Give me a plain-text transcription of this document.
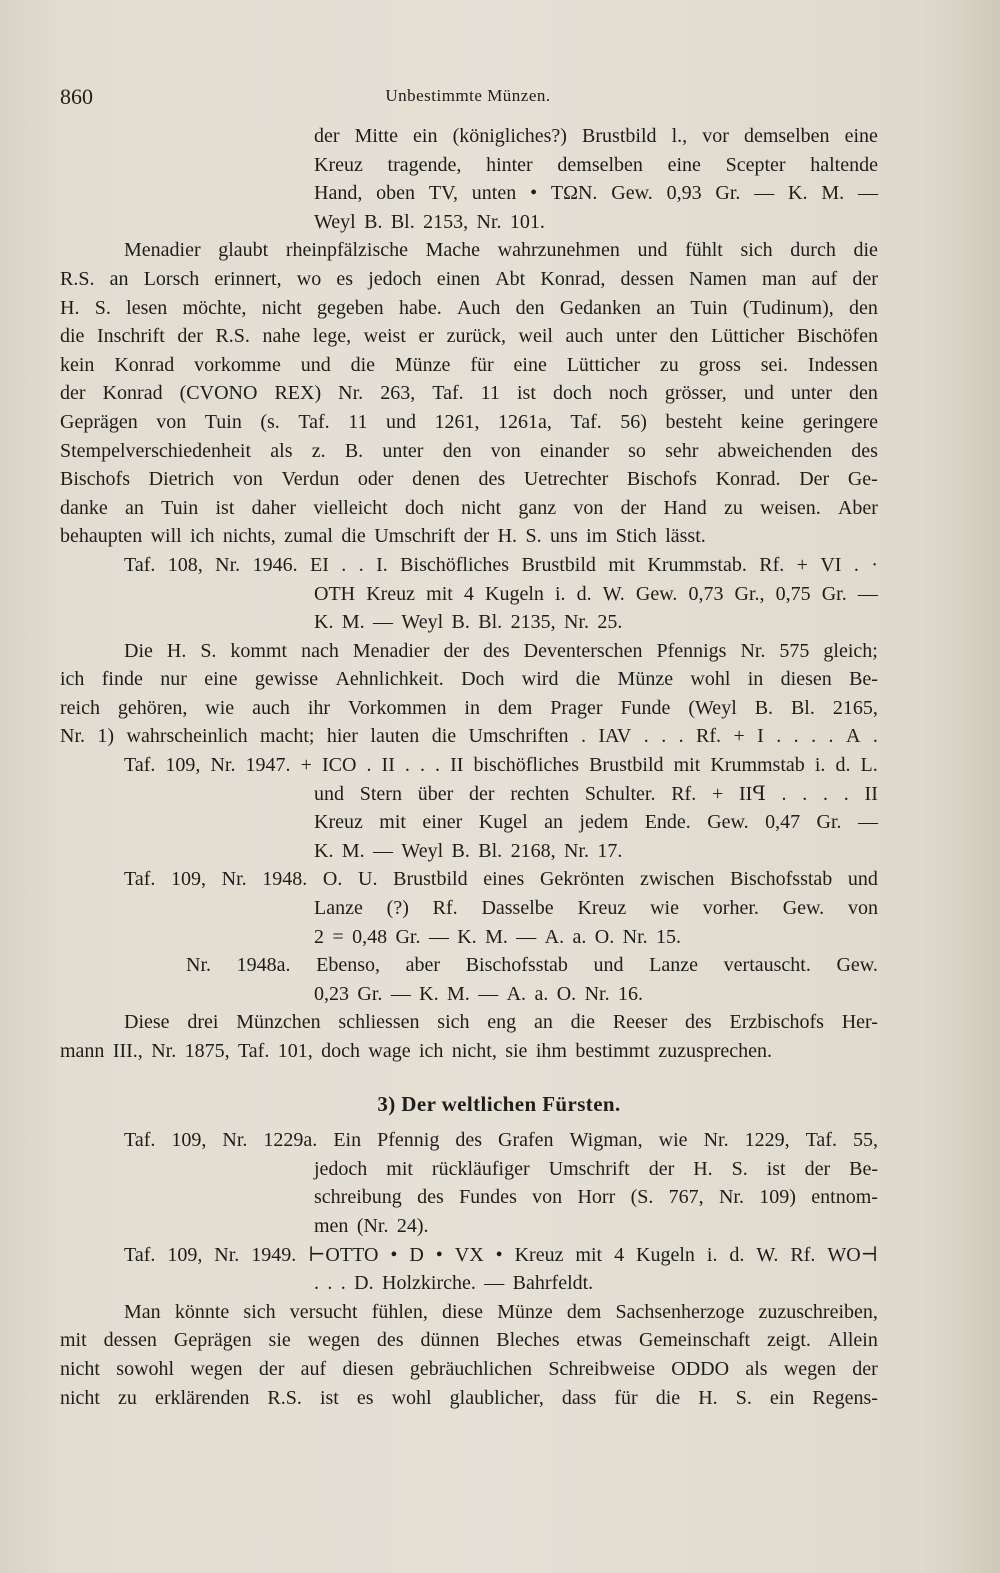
860	Unbestimmte Münzen.
der Mitte ein (königliches?) Brustbild l., vor demselben eine
Kreuz tragende, hinter demselben eine Scepter haltende
Hand, oben TV, unten • TΩN. Gew. 0,93 Gr. — K. M. —
Weyl B. Bl. 2153, Nr. 101.
Menadier glaubt rheinpfälzische Mache wahrzunehmen und fühlt sich durch die
R.S. an Lorsch erinnert, wo es jedoch einen Abt Konrad, dessen Namen man auf der
H. S. lesen möchte, nicht gegeben habe. Auch den Gedanken an Tuin (Tudinum), den
die Inschrift der R.S. nahe lege, weist er zurück, weil auch unter den Lütticher Bischöfen
kein Konrad vorkomme und die Münze für eine Lütticher zu gross sei. Indessen
der Konrad (CVONO REX) Nr. 263, Taf. 11 ist doch noch grösser, und unter den
Geprägen von Tuin (s. Taf. 11 und 1261, 1261a, Taf. 56) besteht keine geringere
Stempelverschiedenheit als z. B. unter den von einander so sehr abweichenden des
Bischofs Dietrich von Verdun oder denen des Uetrechter Bischofs Konrad. Der Ge-
danke an Tuin ist daher vielleicht doch nicht ganz von der Hand zu weisen. Aber
behaupten will ich nichts, zumal die Umschrift der H. S. uns im Stich lässt.
Taf. 108, Nr. 1946. EI . . I. Bischöfliches Brustbild mit Krummstab. Rf. + VI . ·
OTH Kreuz mit 4 Kugeln i. d. W. Gew. 0,73 Gr., 0,75 Gr. —
K. M. — Weyl B. Bl. 2135, Nr. 25.
Die H. S. kommt nach Menadier der des Deventerschen Pfennigs Nr. 575 gleich;
ich finde nur eine gewisse Aehnlichkeit. Doch wird die Münze wohl in diesen Be-
reich gehören, wie auch ihr Vorkommen in dem Prager Funde (Weyl B. Bl. 2165,
Nr. 1) wahrscheinlich macht; hier lauten die Umschriften . IAV . . . Rf. + I . . . . A .
Taf. 109, Nr. 1947. + ICO . II . . . II bischöfliches Brustbild mit Krummstab i. d. L.
und Stern über der rechten Schulter. Rf. + IIꟼ . . . . II
Kreuz mit einer Kugel an jedem Ende. Gew. 0,47 Gr. —
K. M. — Weyl B. Bl. 2168, Nr. 17.
Taf. 109, Nr. 1948. O. U. Brustbild eines Gekrönten zwischen Bischofsstab und
Lanze (?) Rf. Dasselbe Kreuz wie vorher. Gew. von
2 = 0,48 Gr. — K. M. — A. a. O. Nr. 15.
Nr. 1948a. Ebenso, aber Bischofsstab und Lanze vertauscht. Gew.
0,23 Gr. — K. M. — A. a. O. Nr. 16.
Diese drei Münzchen schliessen sich eng an die Reeser des Erzbischofs Her-
mann III., Nr. 1875, Taf. 101, doch wage ich nicht, sie ihm bestimmt zuzusprechen.
3) Der weltlichen Fürsten.
Taf. 109, Nr. 1229a. Ein Pfennig des Grafen Wigman, wie Nr. 1229, Taf. 55,
jedoch mit rückläufiger Umschrift der H. S. ist der Be-
schreibung des Fundes von Horr (S. 767, Nr. 109) entnom-
men (Nr. 24).
Taf. 109, Nr. 1949. ⊢OTTO • D • VX • Kreuz mit 4 Kugeln i. d. W. Rf. WO⊣
. . . D. Holzkirche. — Bahrfeldt.
Man könnte sich versucht fühlen, diese Münze dem Sachsenherzoge zuzuschreiben,
mit dessen Geprägen sie wegen des dünnen Bleches etwas Gemeinschaft zeigt. Allein
nicht sowohl wegen der auf diesen gebräuchlichen Schreibweise ODDO als wegen der
nicht zu erklärenden R.S. ist es wohl glaublicher, dass für die H. S. ein Regens-
